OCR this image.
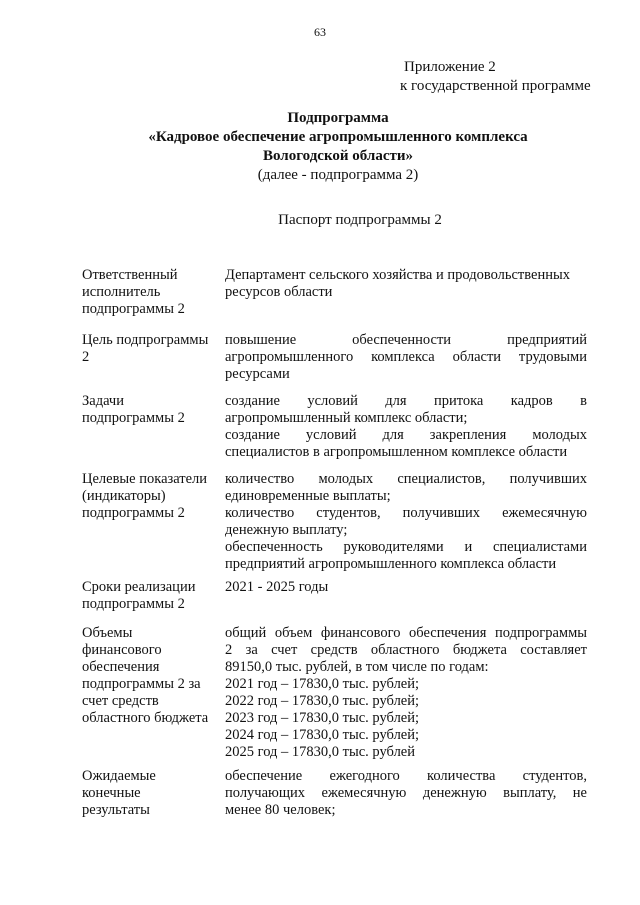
63
Приложение 2
к государственной программе
Подпрограмма
«Кадровое обеспечение агропромышленного комплекса
Вологодской области»
(далее - подпрограмма 2)
Паспорт подпрограммы 2
Ответственный
исполнитель
подпрограммы 2
Департамент сельского хозяйства и продовольственных
ресурсов области
Цель подпрограммы
2
повышение обеспеченности предприятий
агропромышленного комплекса области трудовыми
ресурсами
Задачи
подпрограммы 2
создание условий для притока кадров в
агропромышленный комплекс области;
создание условий для закрепления молодых
специалистов в агропромышленном комплексе области
Целевые показатели
(индикаторы)
подпрограммы 2
количество молодых специалистов, получивших
единовременные выплаты;
количество студентов, получивших ежемесячную
денежную выплату;
обеспеченность руководителями и специалистами
предприятий агропромышленного комплекса области
Сроки реализации
подпрограммы 2
2021 - 2025 годы
Объемы
финансового
обеспечения
подпрограммы 2 за
счет средств
областного бюджета
общий объем финансового обеспечения подпрограммы
2 за счет средств областного бюджета составляет
89150,0 тыс. рублей, в том числе по годам:
2021 год – 17830,0 тыс. рублей;
2022 год – 17830,0 тыс. рублей;
2023 год – 17830,0 тыс. рублей;
2024 год – 17830,0 тыс. рублей;
2025 год – 17830,0 тыс. рублей
Ожидаемые
конечные
результаты
обеспечение ежегодного количества студентов,
получающих ежемесячную денежную выплату, не
менее 80 человек;
